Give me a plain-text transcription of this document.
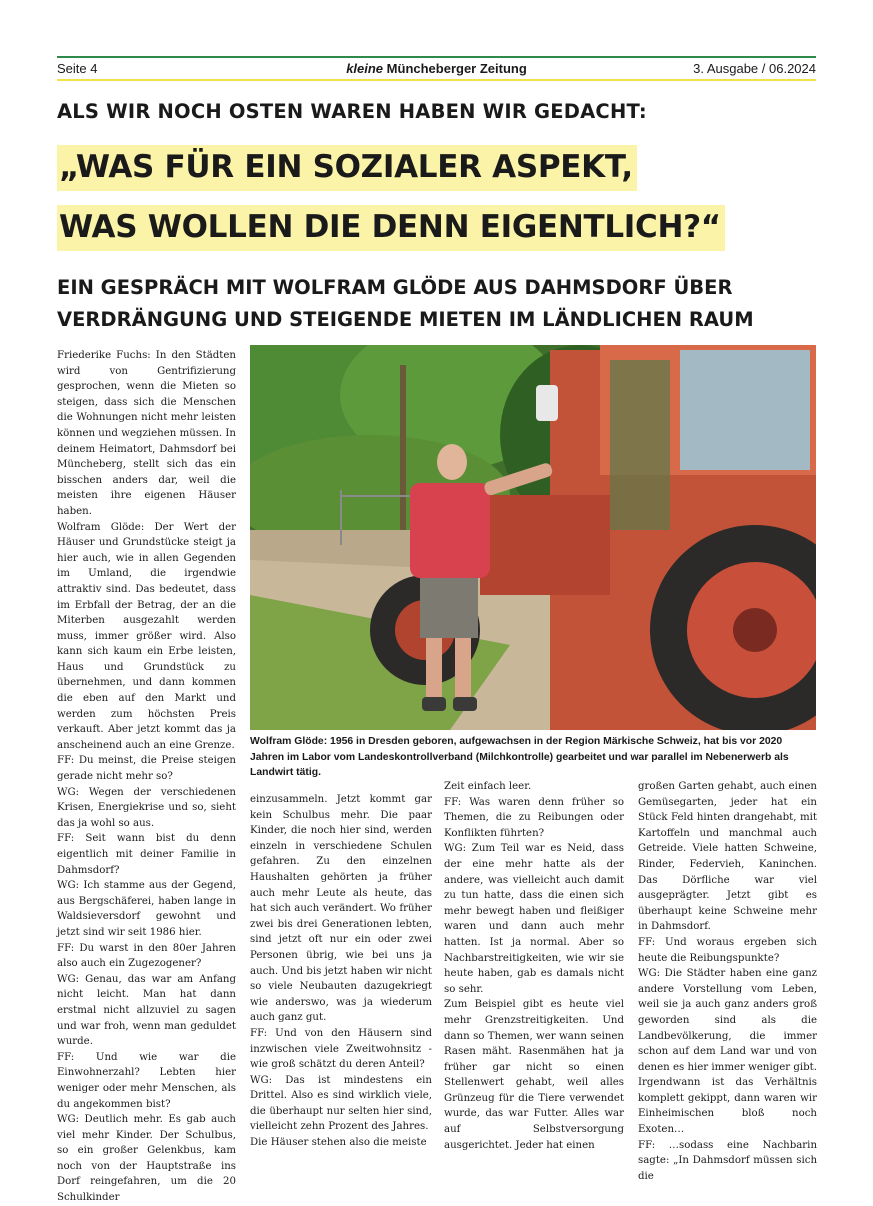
Seite 4	kleine Müncheberger Zeitung	3. Ausgabe / 06.2024
ALS WIR NOCH OSTEN WAREN HABEN WIR GEDACHT:
„WAS FÜR EIN SOZIALER ASPEKT,
WAS WOLLEN DIE DENN EIGENTLICH?“
EIN GESPRÄCH MIT WOLFRAM GLÖDE AUS DAHMSDORF ÜBER VERDRÄNGUNG UND STEIGENDE MIETEN IM LÄNDLICHEN RAUM

Friederike Fuchs: In den Städten wird von Gentrifizierung gesprochen, wenn die Mieten so steigen, dass sich die Menschen die Wohnungen nicht mehr leisten können und wegziehen müssen. In deinem Heimatort, Dahmsdorf bei Müncheberg, stellt sich das ein bisschen anders dar, weil die meisten ihre eigenen Häuser haben.

Wolfram Glöde: Der Wert der Häuser und Grundstücke steigt ja hier auch, wie in allen Gegenden im Umland, die irgendwie attraktiv sind. Das bedeutet, dass im Erbfall der Betrag, der an die Miterben ausgezahlt werden muss, immer größer wird. Also kann sich kaum ein Erbe leisten, Haus und Grundstück zu übernehmen, und dann kommen die eben auf den Markt und werden zum höchsten Preis verkauft. Aber jetzt kommt das ja anscheinend auch an eine Grenze.

FF: Du meinst, die Preise steigen gerade nicht mehr so?

WG: Wegen der verschiedenen Krisen, Energiekrise und so, sieht das ja wohl so aus.

FF: Seit wann bist du denn eigentlich mit deiner Familie in Dahmsdorf?

WG: Ich stamme aus der Gegend, aus Bergschäferei, haben lange in Waldsieversdorf gewohnt und jetzt sind wir seit 1986 hier.

FF: Du warst in den 80er Jahren also auch ein Zugezogener?

WG: Genau, das war am Anfang nicht leicht. Man hat dann erstmal nicht allzuviel zu sagen und war froh, wenn man geduldet wurde.

FF: Und wie war die Einwohnerzahl? Lebten hier weniger oder mehr Menschen, als du angekommen bist?

WG: Deutlich mehr. Es gab auch viel mehr Kinder. Der Schulbus, so ein großer Gelenkbus, kam noch von der Hauptstraße ins Dorf reingefahren, um die 20 Schulkinder

Wolfram Glöde: 1956 in Dresden geboren, aufgewachsen in der Region Märkische Schweiz, hat bis vor 2020 Jahren im Labor vom Landeskontrollverband (Milchkontrolle) gearbeitet und war parallel im Nebenerwerb als Landwirt tätig.

einzusammeln. Jetzt kommt gar kein Schulbus mehr. Die paar Kinder, die noch hier sind, werden einzeln in verschiedene Schulen gefahren. Zu den einzelnen Haushalten gehörten ja früher auch mehr Leute als heute, das hat sich auch verändert. Wo früher zwei bis drei Generationen lebten, sind jetzt oft nur ein oder zwei Personen übrig, wie bei uns ja auch. Und bis jetzt haben wir nicht so viele Neubauten dazugekriegt wie anderswo, was ja wiederum auch ganz gut.

FF: Und von den Häusern sind inzwischen viele Zweitwohnsitz - wie groß schätzt du deren Anteil?

WG: Das ist mindestens ein Drittel. Also es sind wirklich viele, die überhaupt nur selten hier sind, vielleicht zehn Prozent des Jahres.

Die Häuser stehen also die meiste

Zeit einfach leer.

FF: Was waren denn früher so Themen, die zu Reibungen oder Konflikten führten?

WG: Zum Teil war es Neid, dass der eine mehr hatte als der andere, was vielleicht auch damit zu tun hatte, dass die einen sich mehr bewegt haben und fleißiger waren und dann auch mehr hatten. Ist ja normal. Aber so Nachbarstreitigkeiten, wie wir sie heute haben, gab es damals nicht so sehr.

Zum Beispiel gibt es heute viel mehr Grenzstreitigkeiten. Und dann so Themen, wer wann seinen Rasen mäht. Rasenmähen hat ja früher gar nicht so einen Stellenwert gehabt, weil alles Grünzeug für die Tiere verwendet wurde, das war Futter. Alles war auf Selbstversorgung ausgerichtet. Jeder hat einen

großen Garten gehabt, auch einen Gemüsegarten, jeder hat ein Stück Feld hinten drangehabt, mit Kartoffeln und manchmal auch Getreide. Viele hatten Schweine, Rinder, Federvieh, Kaninchen. Das Dörfliche war viel ausgeprägter. Jetzt gibt es überhaupt keine Schweine mehr in Dahmsdorf.

FF: Und woraus ergeben sich heute die Reibungspunkte?

WG: Die Städter haben eine ganz andere Vorstellung vom Leben, weil sie ja auch ganz anders groß geworden sind als die Landbevölkerung, die immer schon auf dem Land war und von denen es hier immer weniger gibt. Irgendwann ist das Verhältnis komplett gekippt, dann waren wir Einheimischen bloß noch Exoten…

FF: …sodass eine Nachbarin sagte: „In Dahmsdorf müssen sich die
